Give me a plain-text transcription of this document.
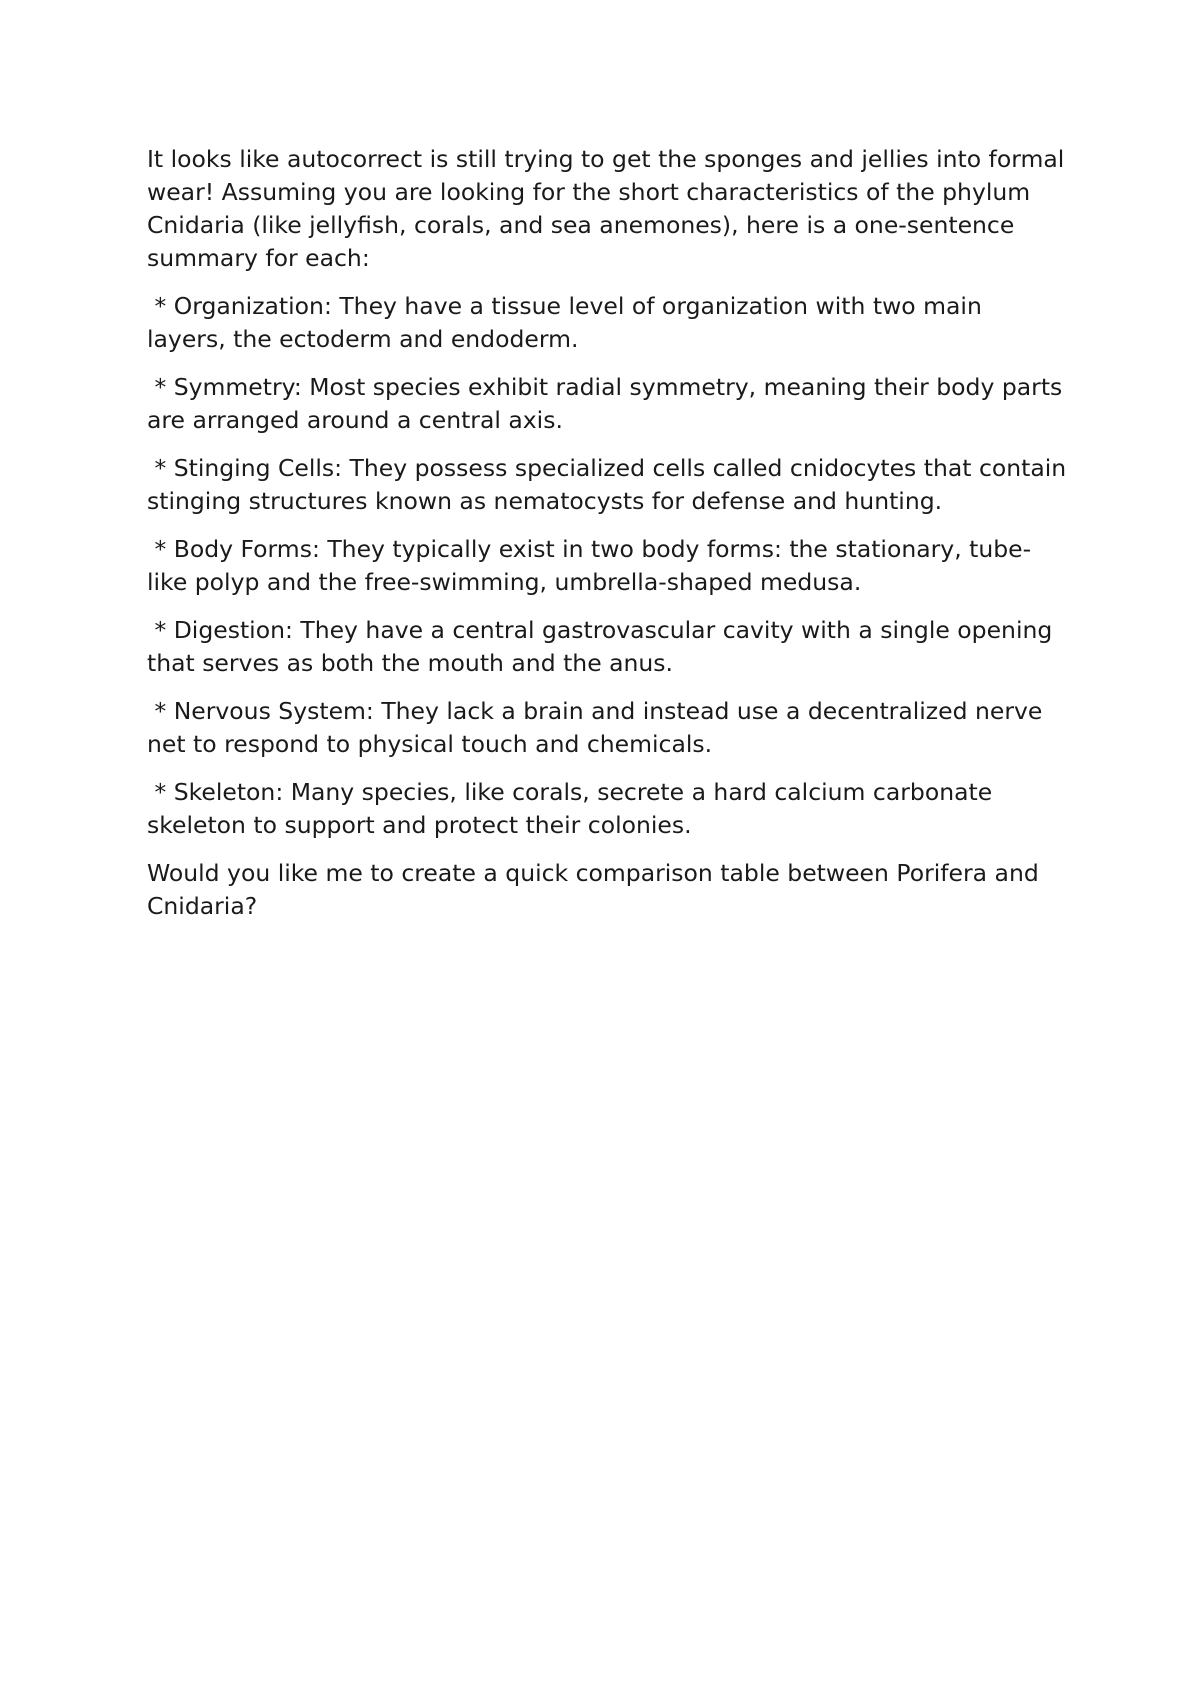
It looks like autocorrect is still trying to get the sponges and jellies into formal wear! Assuming you are looking for the short characteristics of the phylum Cnidaria (like jellyfish, corals, and sea anemones), here is a one-sentence summary for each:

* Organization: They have a tissue level of organization with two main layers, the ectoderm and endoderm.

* Symmetry: Most species exhibit radial symmetry, meaning their body parts are arranged around a central axis.

* Stinging Cells: They possess specialized cells called cnidocytes that contain stinging structures known as nematocysts for defense and hunting.

* Body Forms: They typically exist in two body forms: the stationary, tube-like polyp and the free-swimming, umbrella-shaped medusa.

* Digestion: They have a central gastrovascular cavity with a single opening that serves as both the mouth and the anus.

* Nervous System: They lack a brain and instead use a decentralized nerve net to respond to physical touch and chemicals.

* Skeleton: Many species, like corals, secrete a hard calcium carbonate skeleton to support and protect their colonies.

Would you like me to create a quick comparison table between Porifera and Cnidaria?
